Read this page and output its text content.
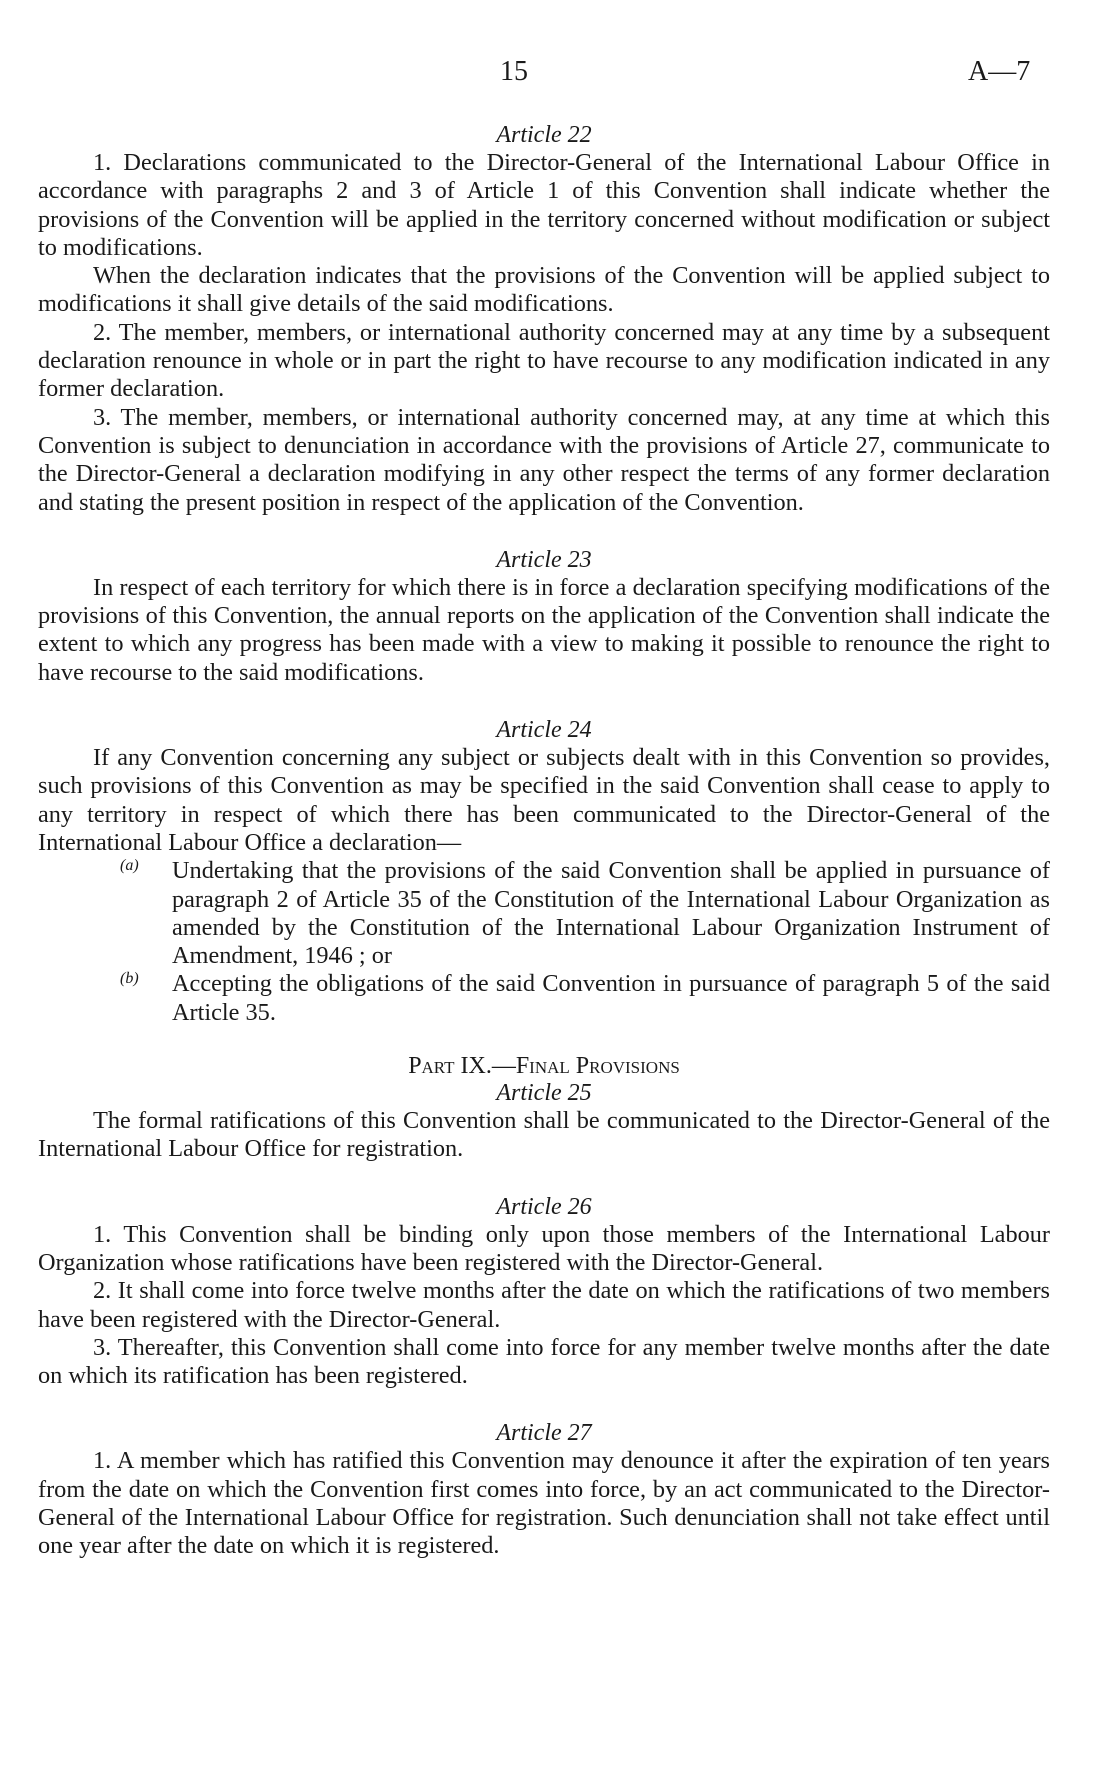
15	A—7
Article 22

1. Declarations communicated to the Director-General of the International Labour Office in accordance with paragraphs 2 and 3 of Article 1 of this Convention shall indicate whether the provisions of the Convention will be applied in the territory concerned without modification or subject to modifications.

When the declaration indicates that the provisions of the Convention will be applied subject to modifications it shall give details of the said modifications.

2. The member, members, or international authority concerned may at any time by a subsequent declaration renounce in whole or in part the right to have recourse to any modification indicated in any former declaration.

3. The member, members, or international authority concerned may, at any time at which this Convention is subject to denunciation in accordance with the provisions of Article 27, communicate to the Director-General a declaration modifying in any other respect the terms of any former declaration and stating the present position in respect of the application of the Convention.

Article 23

In respect of each territory for which there is in force a declaration specifying modifications of the provisions of this Convention, the annual reports on the application of the Convention shall indicate the extent to which any progress has been made with a view to making it possible to renounce the right to have recourse to the said modifications.

Article 24

If any Convention concerning any subject or subjects dealt with in this Convention so provides, such provisions of this Convention as may be specified in the said Convention shall cease to apply to any territory in respect of which there has been communicated to the Director-General of the International Labour Office a declaration—

(a) Undertaking that the provisions of the said Convention shall be applied in pursuance of paragraph 2 of Article 35 of the Constitution of the International Labour Organization as amended by the Constitution of the International Labour Organization Instrument of Amendment, 1946 ; or

(b) Accepting the obligations of the said Convention in pursuance of paragraph 5 of the said Article 35.

Part IX.—Final Provisions
Article 25

The formal ratifications of this Convention shall be communicated to the Director-General of the International Labour Office for registration.

Article 26

1. This Convention shall be binding only upon those members of the International Labour Organization whose ratifications have been registered with the Director-General.

2. It shall come into force twelve months after the date on which the ratifications of two members have been registered with the Director-General.

3. Thereafter, this Convention shall come into force for any member twelve months after the date on which its ratification has been registered.

Article 27

1. A member which has ratified this Convention may denounce it after the expiration of ten years from the date on which the Convention first comes into force, by an act communicated to the Director-General of the International Labour Office for registration. Such denunciation shall not take effect until one year after the date on which it is registered.
